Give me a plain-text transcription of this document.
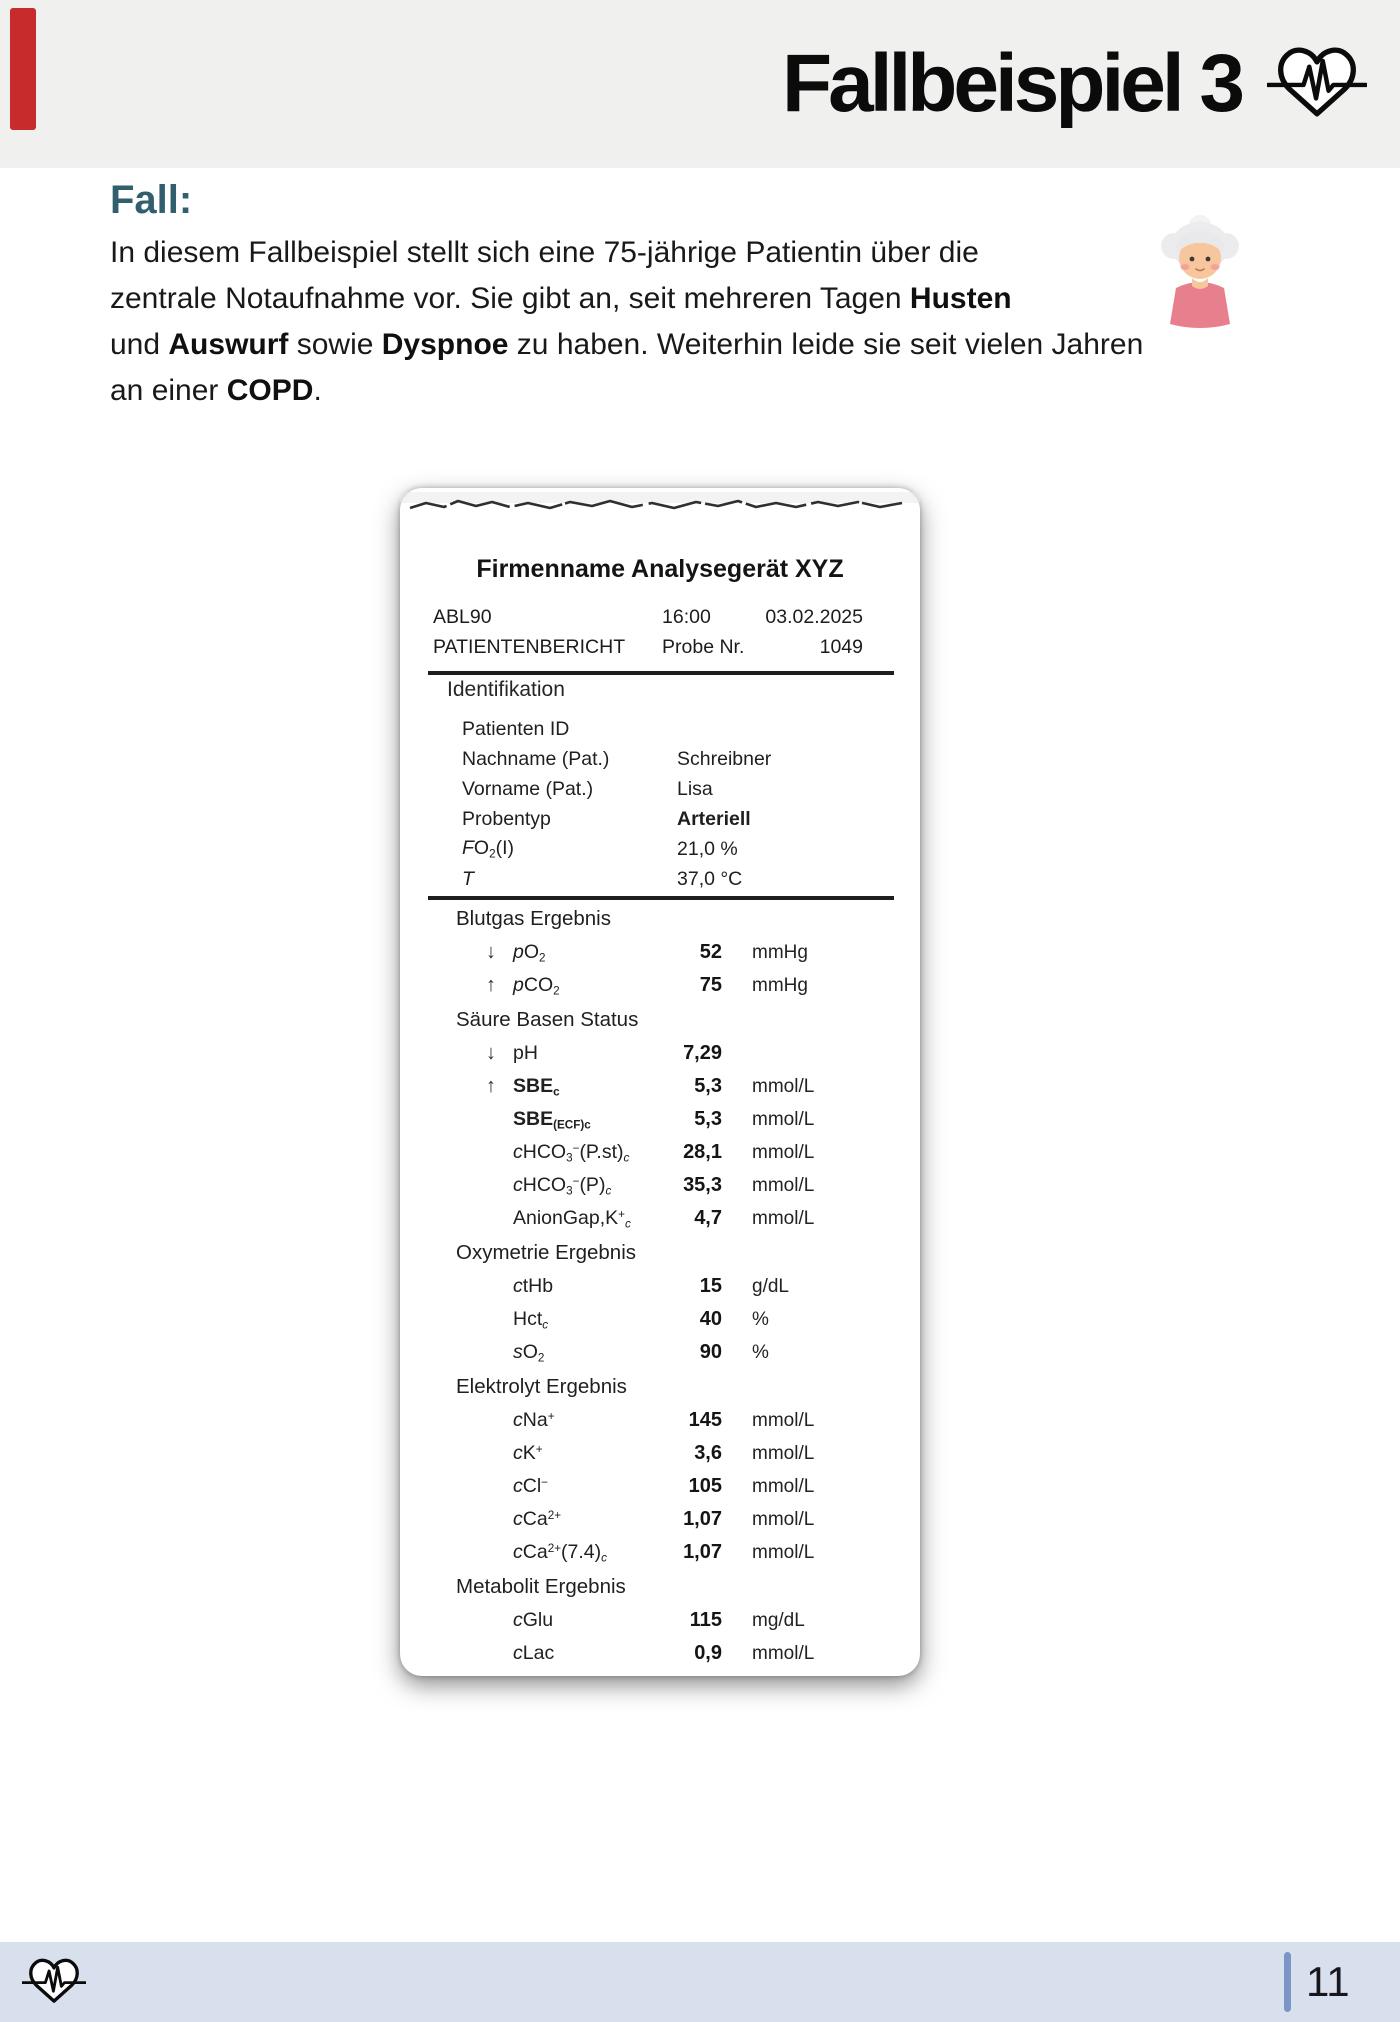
Fallbeispiel 3
Fall:
In diesem Fallbeispiel stellt sich eine 75-jährige Patientin über die
zentrale Notaufnahme vor. Sie gibt an, seit mehreren Tagen Husten
und Auswurf sowie Dyspnoe zu haben. Weiterhin leide sie seit vielen Jahren
an einer COPD.
Firmenname Analysegerät XYZ
ABL90	16:00	03.02.2025
PATIENTENBERICHT Probe Nr.	1049
Identifikation
Patienten ID
Nachname (Pat.)	Schreibner
Vorname (Pat.)	Lisa
Probentyp	Arteriell
$FO_2(I)$	21,0 %
T	37,0 °C
Blutgas Ergebnis
↓ $pO_2$	52 mmHg
↑ pCO$_2$	75 mmHg
Säure Basen Status
↓ pH	7,29
↑ $SBE_c$	5,3 mmol/L
$SBE_{(ECF)c}$	5,3 mmol/L
$cHCO_3^-(P.st)_c$	28,1 mmol/L
$cHCO_3^-(P)_c$	35,3 mmol/L
$AnionGap,K^+_c$	4,7 mmol/L
Oxymetrie Ergebnis
ctHb	15 g/dL
Hct$_c$	40 %
$sO_2$	90 %
Elektrolyt Ergebnis
cNa+	145 mmol/L
cK+	3,6 mmol/L
cCl−	105 mmol/L
cCa$^{2+}$	1,07 mmol/L
$cCa^{2+}(7.4)_c$	1,07 mmol/L
Metabolit Ergebnis
cGlu	115 mg/dL
cLac	0,9 mmol/L
11
